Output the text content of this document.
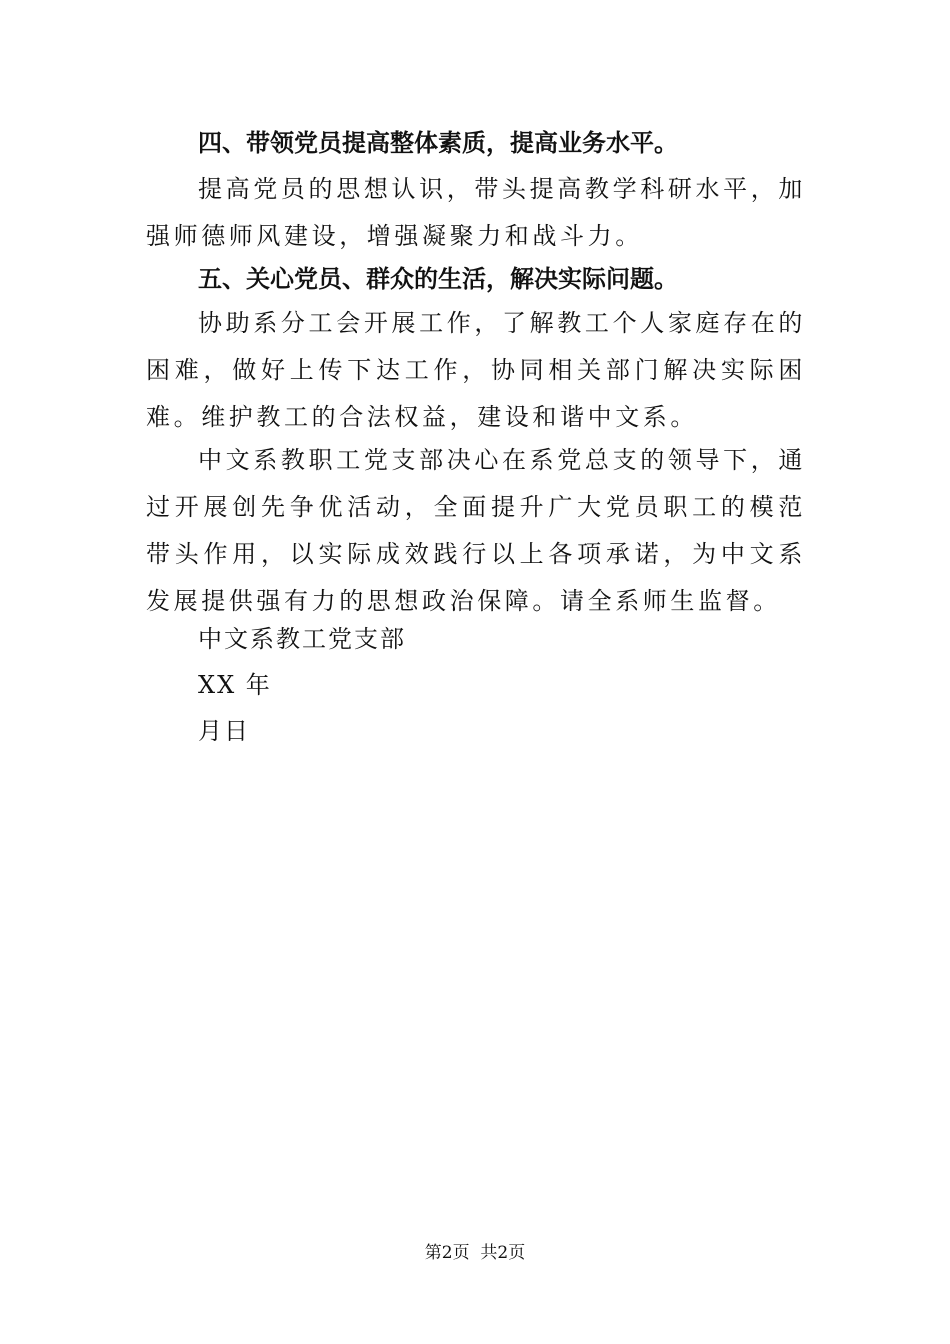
四、带领党员提高整体素质，提高业务水平。

提高党员的思想认识，带头提高教学科研水平，加强师德师风建设，增强凝聚力和战斗力。

五、关心党员、群众的生活，解决实际问题。

协助系分工会开展工作，了解教工个人家庭存在的困难，做好上传下达工作，协同相关部门解决实际困难。维护教工的合法权益，建设和谐中文系。

中文系教职工党支部决心在系党总支的领导下，通过开展创先争优活动，全面提升广大党员职工的模范带头作用，以实际成效践行以上各项承诺，为中文系发展提供强有力的思想政治保障。请全系师生监督。

中文系教工党支部

XX 年

月日

第2页  共2页
